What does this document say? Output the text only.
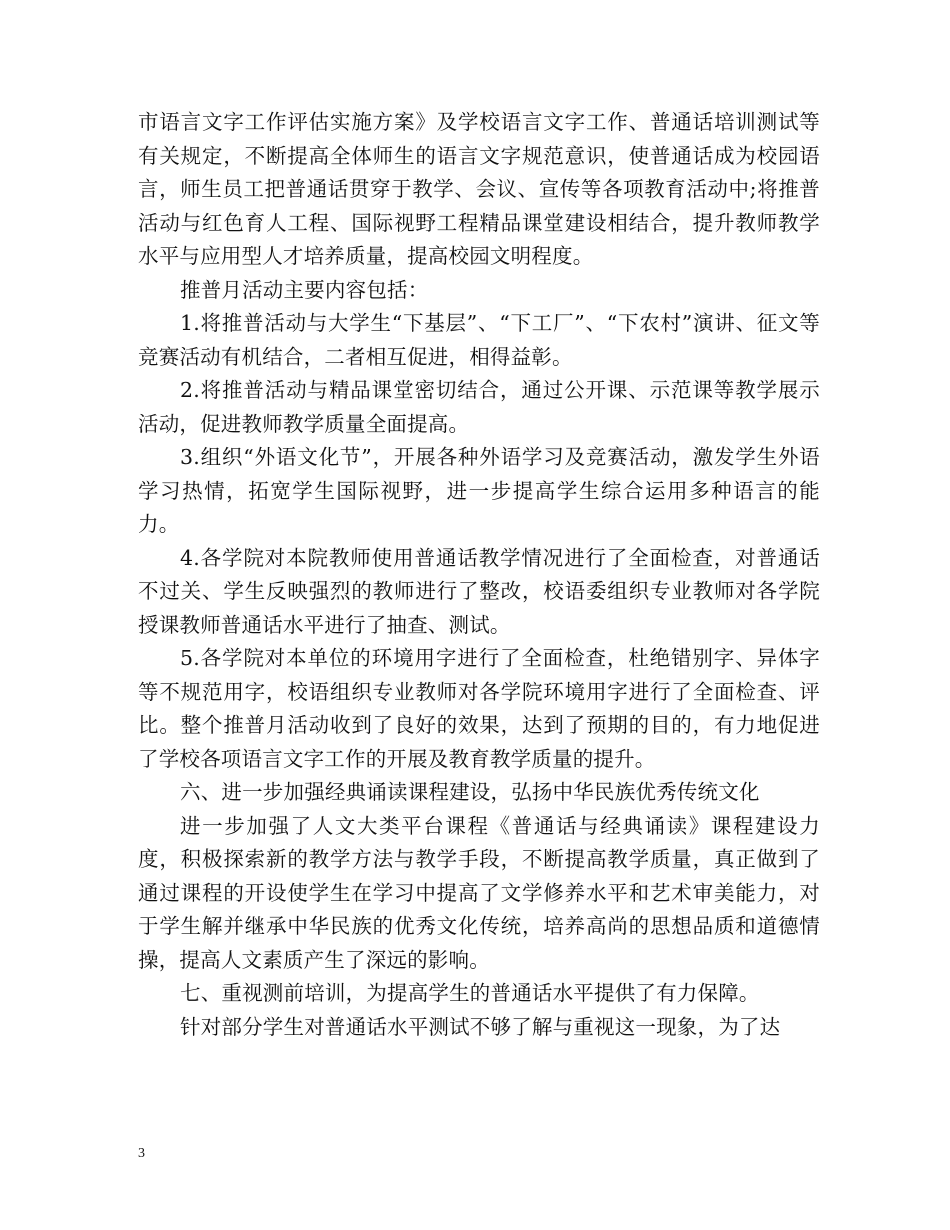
市语言文字工作评估实施方案》及学校语言文字工作、普通话培训测试等有关规定，不断提高全体师生的语言文字规范意识，使普通话成为校园语言，师生员工把普通话贯穿于教学、会议、宣传等各项教育活动中;将推普活动与红色育人工程、国际视野工程精品课堂建设相结合，提升教师教学水平与应用型人才培养质量，提高校园文明程度。

推普月活动主要内容包括：

1.将推普活动与大学生“下基层”、“下工厂”、“下农村”演讲、征文等竞赛活动有机结合，二者相互促进，相得益彰。

2.将推普活动与精品课堂密切结合，通过公开课、示范课等教学展示活动，促进教师教学质量全面提高。

3.组织“外语文化节”，开展各种外语学习及竞赛活动，激发学生外语学习热情，拓宽学生国际视野，进一步提高学生综合运用多种语言的能力。

4.各学院对本院教师使用普通话教学情况进行了全面检查，对普通话不过关、学生反映强烈的教师进行了整改，校语委组织专业教师对各学院授课教师普通话水平进行了抽查、测试。

5.各学院对本单位的环境用字进行了全面检查，杜绝错别字、异体字等不规范用字，校语组织专业教师对各学院环境用字进行了全面检查、评比。整个推普月活动收到了良好的效果，达到了预期的目的，有力地促进了学校各项语言文字工作的开展及教育教学质量的提升。

六、进一步加强经典诵读课程建设，弘扬中华民族优秀传统文化

进一步加强了人文大类平台课程《普通话与经典诵读》课程建设力度，积极探索新的教学方法与教学手段，不断提高教学质量，真正做到了通过课程的开设使学生在学习中提高了文学修养水平和艺术审美能力，对于学生解并继承中华民族的优秀文化传统，培养高尚的思想品质和道德情操，提高人文素质产生了深远的影响。

七、重视测前培训，为提高学生的普通话水平提供了有力保障。

针对部分学生对普通话水平测试不够了解与重视这一现象，为了达

3
